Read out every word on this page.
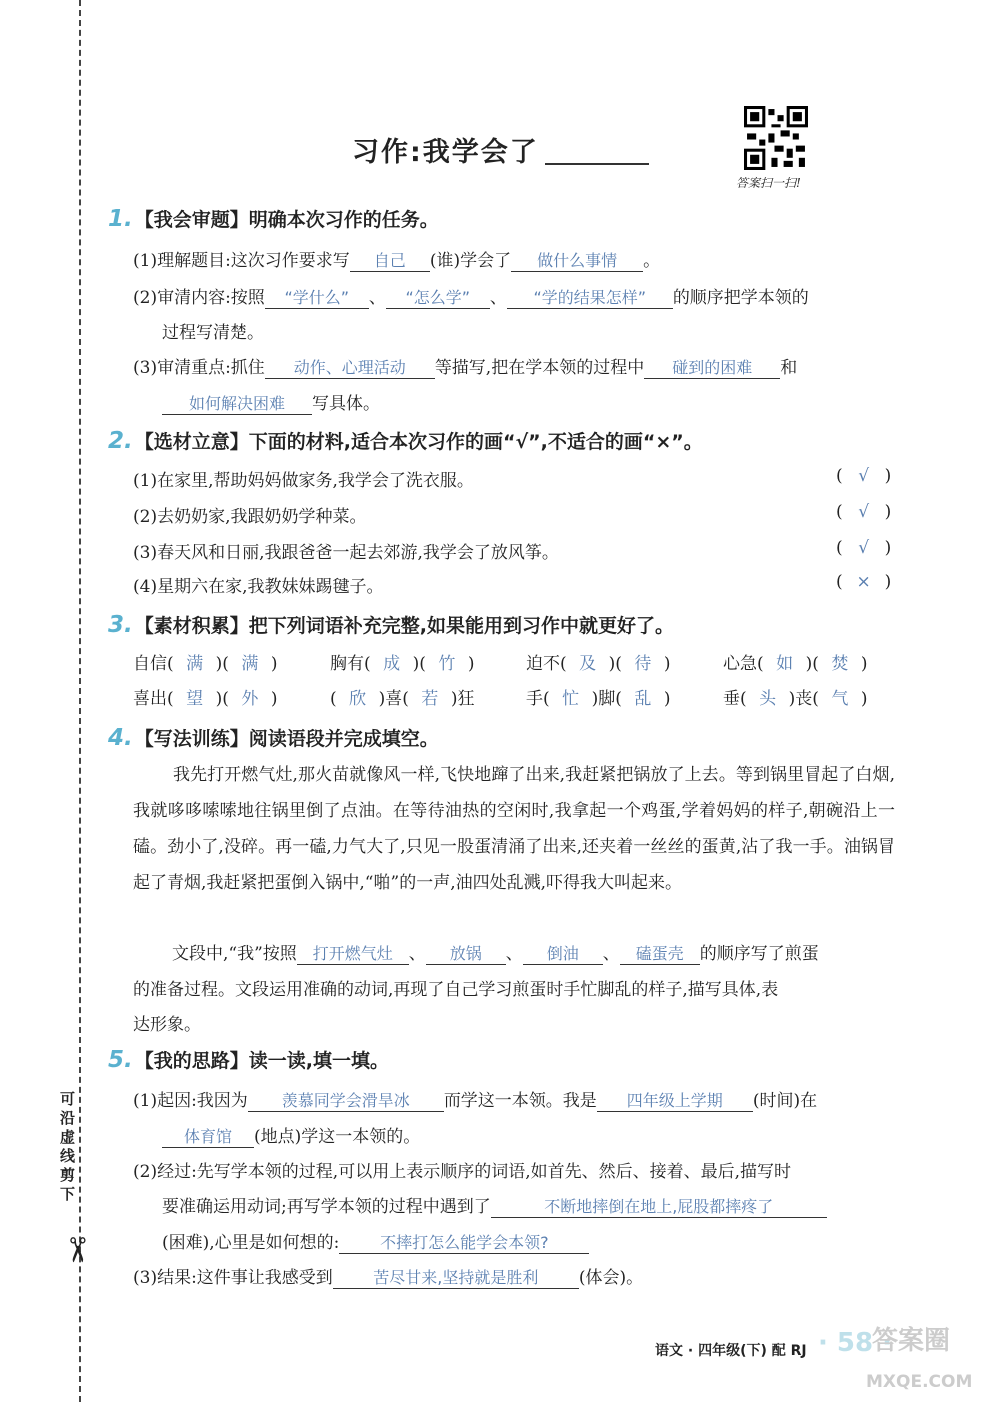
可沿虚线剪下
✂
习作:我学会了
答案扫一扫!
1. 【我会审题】明确本次习作的任务。
(1)理解题目:这次习作要求写 自己 (谁)学会了 做什么事情 。
(2)审清内容:按照 “学什么” 、 “怎么学” 、 “学的结果怎样” 的顺序把学本领的
过程写清楚。
(3)审清重点:抓住 动作、心理活动 等描写,把在学本领的过程中 碰到的困难 和
如何解决困难 写具体。
2. 【选材立意】下面的材料,适合本次习作的画“√”,不适合的画“×”。
(1)在家里,帮助妈妈做家务,我学会了洗衣服。	( √ )
(2)去奶奶家,我跟奶奶学种菜。	( √ )
(3)春天风和日丽,我跟爸爸一起去郊游,我学会了放风筝。	( √ )
(4)星期六在家,我教妹妹踢毽子。	( × )
3. 【素材积累】把下列词语补充完整,如果能用到习作中就更好了。
自信( 满 )( 满 )	胸有( 成 )( 竹 )	迫不( 及 )( 待 )	心急( 如 )( 焚 )
喜出( 望 )( 外 )	( 欣 )喜( 若 )狂	手( 忙 )脚( 乱 )	垂( 头 )丧( 气 )
4. 【写法训练】阅读语段并完成填空。
我先打开燃气灶,那火苗就像风一样,飞快地蹿了出来,我赶紧把锅放了上去。等到锅里冒起了白烟,我就哆哆嗦嗦地往锅里倒了点油。在等待油热的空闲时,我拿起一个鸡蛋,学着妈妈的样子,朝碗沿上一磕。劲小了,没碎。再一磕,力气大了,只见一股蛋清涌了出来,还夹着一丝丝的蛋黄,沾了我一手。油锅冒起了青烟,我赶紧把蛋倒入锅中,“啪”的一声,油四处乱溅,吓得我大叫起来。
文段中,“我”按照 打开燃气灶 、 放锅 、 倒油 、 磕蛋壳 的顺序写了煎蛋
的准备过程。文段运用准确的动词,再现了自己学习煎蛋时手忙脚乱的样子,描写具体,表
达形象。
5. 【我的思路】读一读,填一填。
(1)起因:我因为 羡慕同学会滑旱冰 而学这一本领。我是 四年级上学期 (时间)在
体育馆 (地点)学这一本领的。
(2)经过:先写学本领的过程,可以用上表示顺序的词语,如首先、然后、接着、最后,描写时
要准确运用动词;再写学本领的过程中遇到了	不断地摔倒在地上,屁股都摔疼了
(困难),心里是如何想的:	不摔打怎么能学会本领?
(3)结果:这件事让我感受到	苦尽甘来,坚持就是胜利 (体会)。
语文 · 四年级(下) 配 RJ · 58 ·
答案圈
MXQE.COM
